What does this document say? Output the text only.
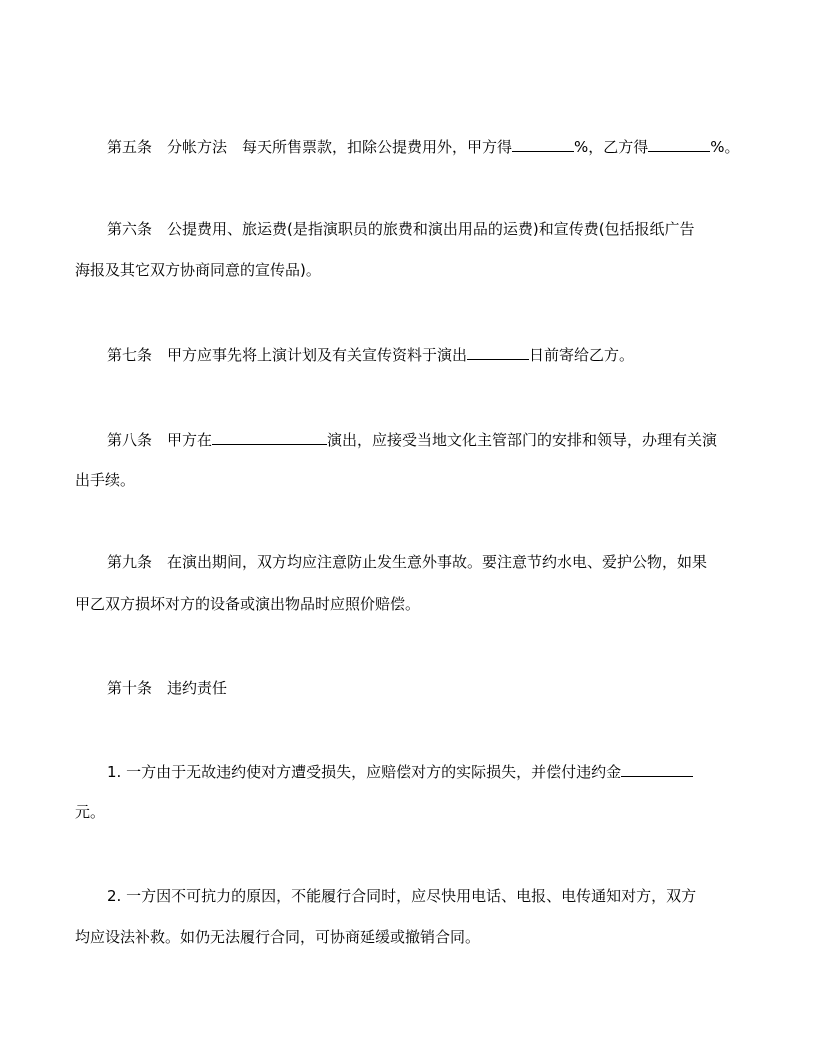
第五条　分帐方法　每天所售票款，扣除公提费用外，甲方得	%，乙方得	%。
第六条　公提费用、旅运费(是指演职员的旅费和演出用品的运费)和宣传费(包括报纸广告
海报及其它双方协商同意的宣传品)。
第七条　甲方应事先将上演计划及有关宣传资料于演出	日前寄给乙方。
第八条　甲方在	演出，应接受当地文化主管部门的安排和领导，办理有关演
出手续。
第九条　在演出期间，双方均应注意防止发生意外事故。要注意节约水电、爱护公物，如果
甲乙双方损坏对方的设备或演出物品时应照价赔偿。
第十条　违约责任
1. 一方由于无故违约使对方遭受损失，应赔偿对方的实际损失，并偿付违约金
元。
2. 一方因不可抗力的原因，不能履行合同时，应尽快用电话、电报、电传通知对方，双方
均应设法补救。如仍无法履行合同，可协商延缓或撤销合同。
